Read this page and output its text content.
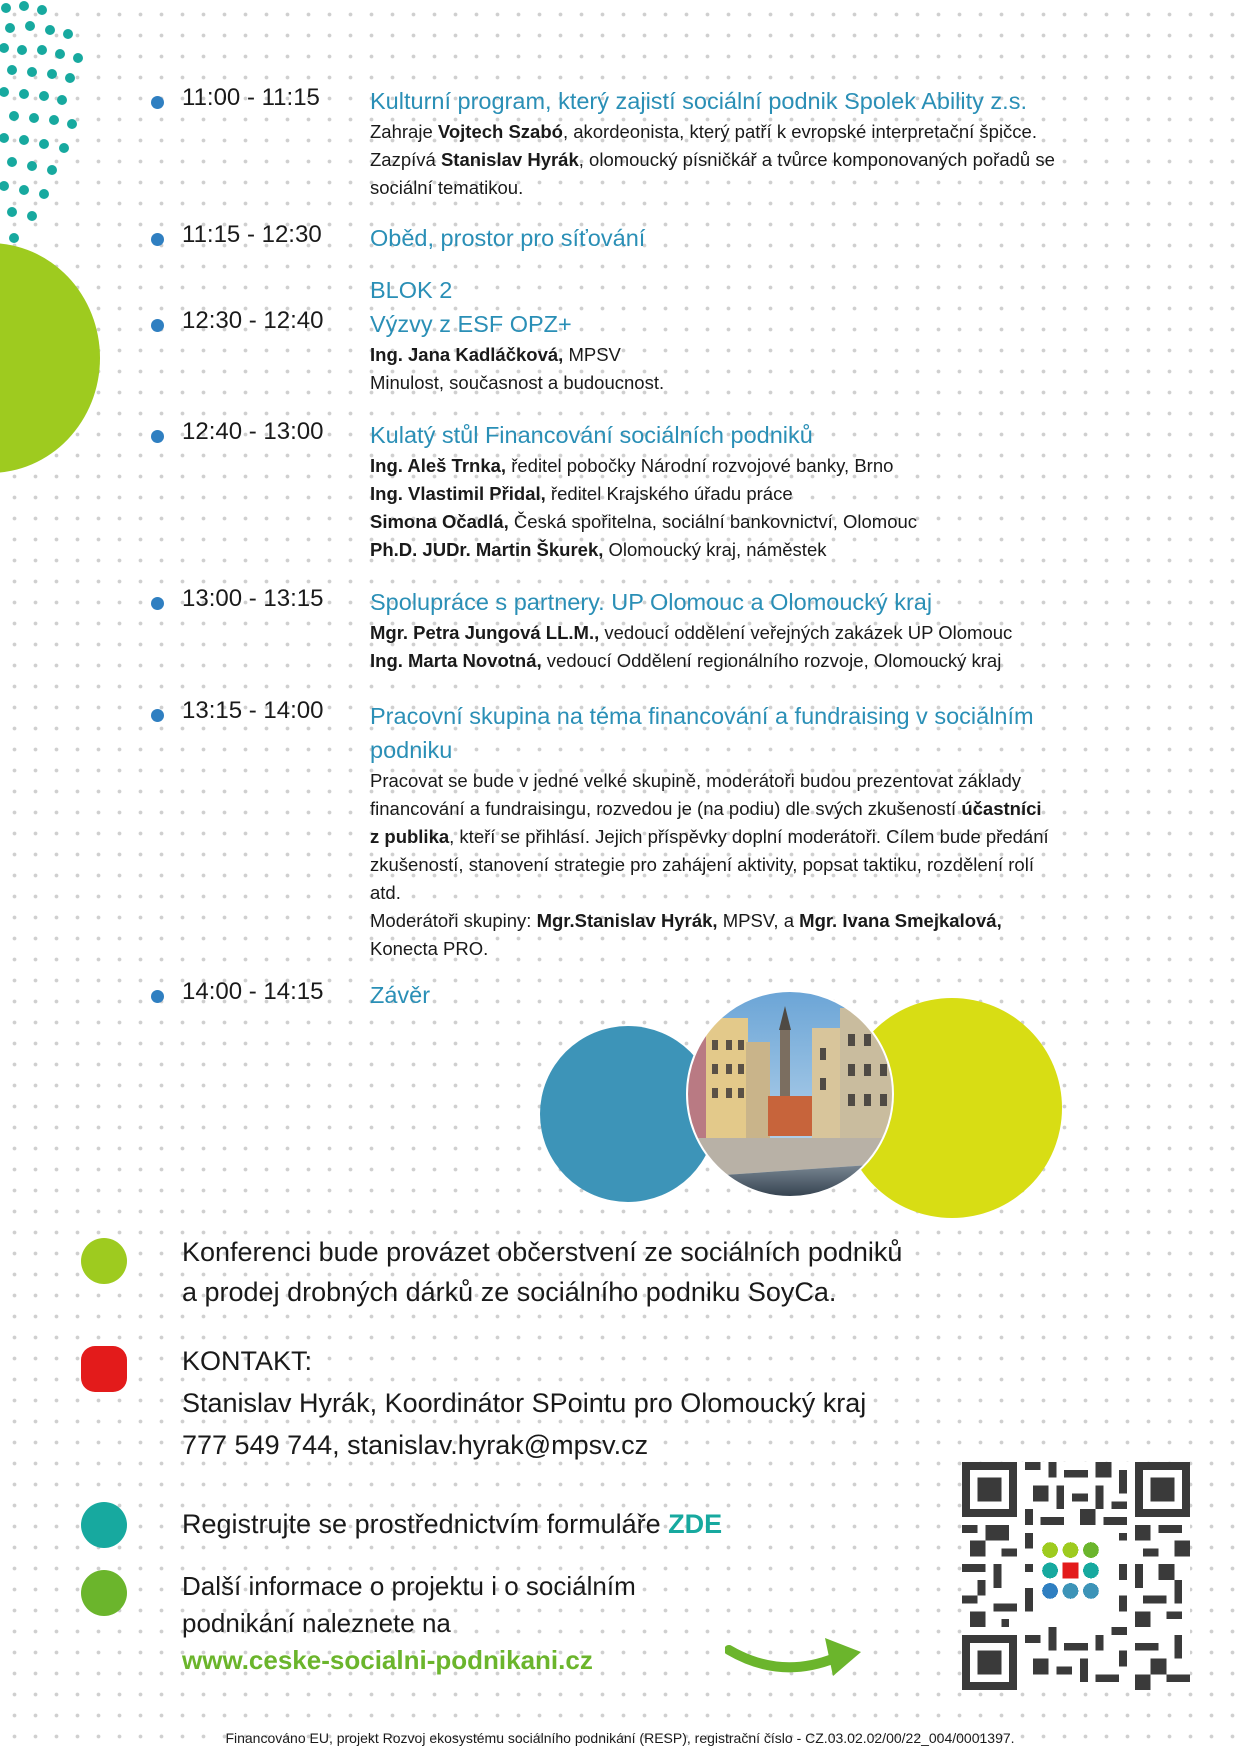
11:00 - 11:15 Kulturní program, který zajistí sociální podnik Spolek Ability z.s.
Zahraje Vojtech Szabó, akordeonista, který patří k evropské interpretační špičce.
Zazpívá Stanislav Hyrák, olomoucký písničkář a tvůrce komponovaných pořadů se
sociální tematikou.
11:15 - 12:30 Oběd, prostor pro síťování
12:30 - 12:40
BLOK 2
Výzvy z ESF OPZ+
Ing. Jana Kadláčková, MPSV
Minulost, současnost a budoucnost.
12:40 - 13:00 Kulatý stůl Financování sociálních podniků
Ing. Aleš Trnka, ředitel pobočky Národní rozvojové banky, Brno
Ing. Vlastimil Přidal, ředitel Krajského úřadu práce
Simona Očadlá, Česká spořitelna, sociální bankovnictví, Olomouc
Ph.D. JUDr. Martin Škurek, Olomoucký kraj, náměstek
13:00 - 13:15 Spolupráce s partnery. UP Olomouc a Olomoucký kraj
Mgr. Petra Jungová LL.M., vedoucí oddělení veřejných zakázek UP Olomouc
Ing. Marta Novotná, vedoucí Oddělení regionálního rozvoje, Olomoucký kraj
13:15 - 14:00 Pracovní skupina na téma financování a fundraising v sociálním
podniku
Pracovat se bude v jedné velké skupině, moderátoři budou prezentovat základy
financování a fundraisingu, rozvedou je (na podiu) dle svých zkušeností účastníci
z publika, kteří se přihlásí. Jejich příspěvky doplní moderátoři. Cílem bude předání
zkušeností, stanovení strategie pro zahájení aktivity, popsat taktiku, rozdělení rolí
atd.
Moderátoři skupiny: Mgr.Stanislav Hyrák, MPSV, a Mgr. Ivana Smejkalová,
Konecta PRO.
14:00 - 14:15 Závěr
Konferenci bude provázet občerstvení ze sociálních podniků
a prodej drobných dárků ze sociálního podniku SoyCa.
KONTAKT:
Stanislav Hyrák, Koordinátor SPointu pro Olomoucký kraj
777 549 744, stanislav.hyrak@mpsv.cz
Registrujte se prostřednictvím formuláře ZDE
Další informace o projektu i o sociálním
podnikání naleznete na
www.ceske-socialni-podnikani.cz
Financováno EU, projekt Rozvoj ekosystému sociálního podnikání (RESP), registrační číslo - CZ.03.02.02/00/22_004/0001397.
